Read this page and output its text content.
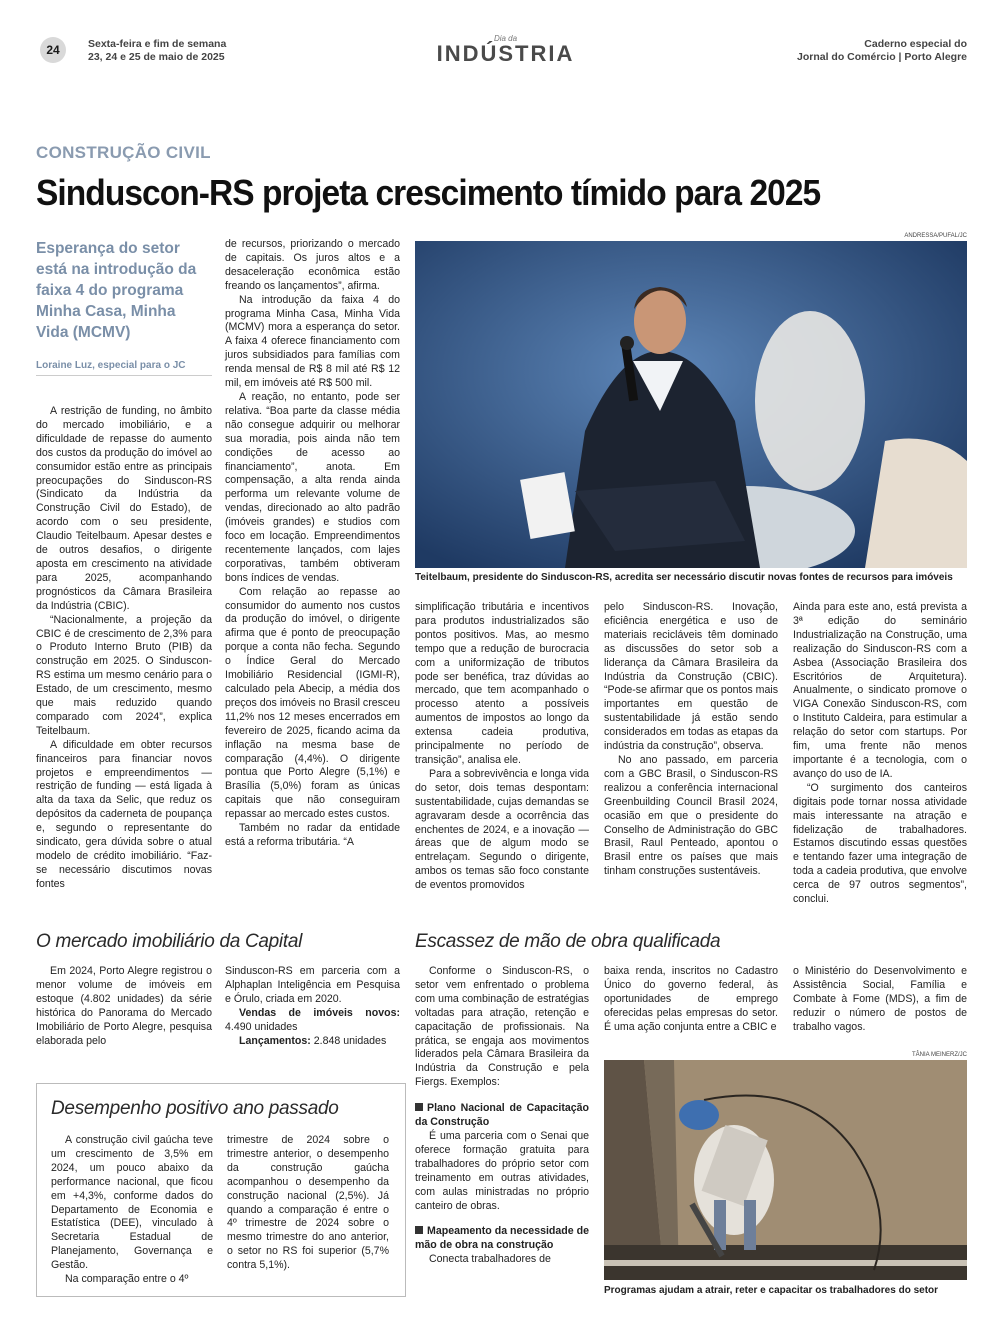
24	Sexta-feira e fim de semana
23, 24 e 25 de maio de 2025
Dia da
INDÚSTRIA	Caderno especial do
Jornal do Comércio | Porto Alegre
CONSTRUÇÃO CIVIL
Sinduscon-RS projeta crescimento tímido para 2025
Esperança do setor está na introdução da faixa 4 do programa Minha Casa, Minha Vida (MCMV)
Loraine Luz, especial para o JC

A restrição de funding, no âmbito do mercado imobiliário, e a dificuldade de repasse do aumento dos custos da produção do imóvel ao consumidor estão entre as principais preocupações do Sinduscon-RS (Sindicato da Indústria da Construção Civil do Estado), de acordo com o seu presidente, Claudio Teitelbaum. Apesar destes e de outros desafios, o dirigente aposta em crescimento na atividade para 2025, acompanhando prognósticos da Câmara Brasileira da Indústria (CBIC).

“Nacionalmente, a projeção da CBIC é de crescimento de 2,3% para o Produto Interno Bruto (PIB) da construção em 2025. O Sinduscon-RS estima um mesmo cenário para o Estado, de um crescimento, mesmo que mais reduzido quando comparado com 2024”, explica Teitelbaum.

A dificuldade em obter recursos financeiros para financiar novos projetos e empreendimentos — restrição de funding — está ligada à alta da taxa da Selic, que reduz os depósitos da caderneta de poupança e, segundo o representante do sindicato, gera dúvida sobre o atual modelo de crédito imobiliário. “Faz-se necessário discutimos novas fontes

de recursos, priorizando o mercado de capitais. Os juros altos e a desaceleração econômica estão freando os lançamentos”, afirma.

Na introdução da faixa 4 do programa Minha Casa, Minha Vida (MCMV) mora a esperança do setor. A faixa 4 oferece financiamento com juros subsidiados para famílias com renda mensal de R$ 8 mil até R$ 12 mil, em imóveis até R$ 500 mil.

A reação, no entanto, pode ser relativa. “Boa parte da classe média não consegue adquirir ou melhorar sua moradia, pois ainda não tem condições de acesso ao financiamento”, anota. Em compensação, a alta renda ainda performa um relevante volume de vendas, direcionado ao alto padrão (imóveis grandes) e studios com foco em locação. Empreendimentos recentemente lançados, com lajes corporativas, também obtiveram bons índices de vendas.

Com relação ao repasse ao consumidor do aumento nos custos da produção do imóvel, o dirigente afirma que é ponto de preocupação porque a conta não fecha. Segundo o Índice Geral do Mercado Imobiliário Residencial (IGMI-R), calculado pela Abecip, a média dos preços dos imóveis no Brasil cresceu 11,2% nos 12 meses encerrados em fevereiro de 2025, ficando acima da inflação na mesma base de comparação (4,4%). O dirigente pontua que Porto Alegre (5,1%) e Brasília (5,0%) foram as únicas capitais que não conseguiram repassar ao mercado estes custos.

Também no radar da entidade está a reforma tributária. “A

ANDRESSA/PUFAL/JC
Teitelbaum, presidente do Sinduscon-RS, acredita ser necessário discutir novas fontes de recursos para imóveis

simplificação tributária e incentivos para produtos industrializados são pontos positivos. Mas, ao mesmo tempo que a redução de burocracia com a uniformização de tributos pode ser benéfica, traz dúvidas ao mercado, que tem acompanhado o processo atento a possíveis aumentos de impostos ao longo da extensa cadeia produtiva, principalmente no período de transição”, analisa ele.

Para a sobrevivência e longa vida do setor, dois temas despontam: sustentabilidade, cujas demandas se agravaram desde a ocorrência das enchentes de 2024, e a inovação — áreas que de algum modo se entrelaçam. Segundo o dirigente, ambos os temas são foco constante de eventos promovidos

pelo Sinduscon-RS. Inovação, eficiência energética e uso de materiais recicláveis têm dominado as discussões do setor sob a liderança da Câmara Brasileira da Indústria da Construção (CBIC). “Pode-se afirmar que os pontos mais importantes em questão de sustentabilidade já estão sendo considerados em todas as etapas da indústria da construção”, observa.

No ano passado, em parceria com a GBC Brasil, o Sinduscon-RS realizou a conferência internacional Greenbuilding Council Brasil 2024, ocasião em que o presidente do Conselho de Administração do GBC Brasil, Raul Penteado, apontou o Brasil entre os países que mais tinham construções sustentáveis.

Ainda para este ano, está prevista a 3ª edição do seminário Industrialização na Construção, uma realização do Sinduscon-RS com a Asbea (Associação Brasileira dos Escritórios de Arquitetura). Anualmente, o sindicato promove o VIGA Conexão Sinduscon-RS, com o Instituto Caldeira, para estimular a relação do setor com startups. Por fim, uma frente não menos importante é a tecnologia, com o avanço do uso de IA.

“O surgimento dos canteiros digitais pode tornar nossa atividade mais interessante na atração e fidelização de trabalhadores. Estamos discutindo essas questões e tentando fazer uma integração de toda a cadeia produtiva, que envolve cerca de 97 outros segmentos”, conclui.

O mercado imobiliário da Capital

Em 2024, Porto Alegre registrou o menor volume de imóveis em estoque (4.802 unidades) da série histórica do Panorama do Mercado Imobiliário de Porto Alegre, pesquisa elaborada pelo

Sinduscon-RS em parceria com a Alphaplan Inteligência em Pesquisa e Órulo, criada em 2020.

Vendas de imóveis novos: 4.490 unidades

Lançamentos: 2.848 unidades

Desempenho positivo ano passado

A construção civil gaúcha teve um crescimento de 3,5% em 2024, um pouco abaixo da performance nacional, que ficou em +4,3%, conforme dados do Departamento de Economia e Estatística (DEE), vinculado à Secretaria Estadual de Planejamento, Governança e Gestão.

Na comparação entre o 4º

trimestre de 2024 sobre o trimestre anterior, o desempenho da construção gaúcha acompanhou o desempenho da construção nacional (2,5%). Já quando a comparação é entre o 4º trimestre de 2024 sobre o mesmo trimestre do ano anterior, o setor no RS foi superior (5,7% contra 5,1%).

Escassez de mão de obra qualificada

Conforme o Sinduscon-RS, o setor vem enfrentado o problema com uma combinação de estratégias voltadas para atração, retenção e capacitação de profissionais. Na prática, se engaja aos movimentos liderados pela Câmara Brasileira da Indústria da Construção e pela Fiergs. Exemplos:

Plano Nacional de Capacitação da Construção

É uma parceria com o Senai que oferece formação gratuita para trabalhadores do próprio setor com treinamento em outras atividades, com aulas ministradas no próprio canteiro de obras.

Mapeamento da necessidade de mão de obra na construção

Conecta trabalhadores de

baixa renda, inscritos no Cadastro Único do governo federal, às oportunidades de emprego oferecidas pelas empresas do setor. É uma ação conjunta entre a CBIC e

o Ministério do Desenvolvimento e Assistência Social, Família e Combate à Fome (MDS), a fim de reduzir o número de postos de trabalho vagos.

TÂNIA MEINERZ/JC
Programas ajudam a atrair, reter e capacitar os trabalhadores do setor
